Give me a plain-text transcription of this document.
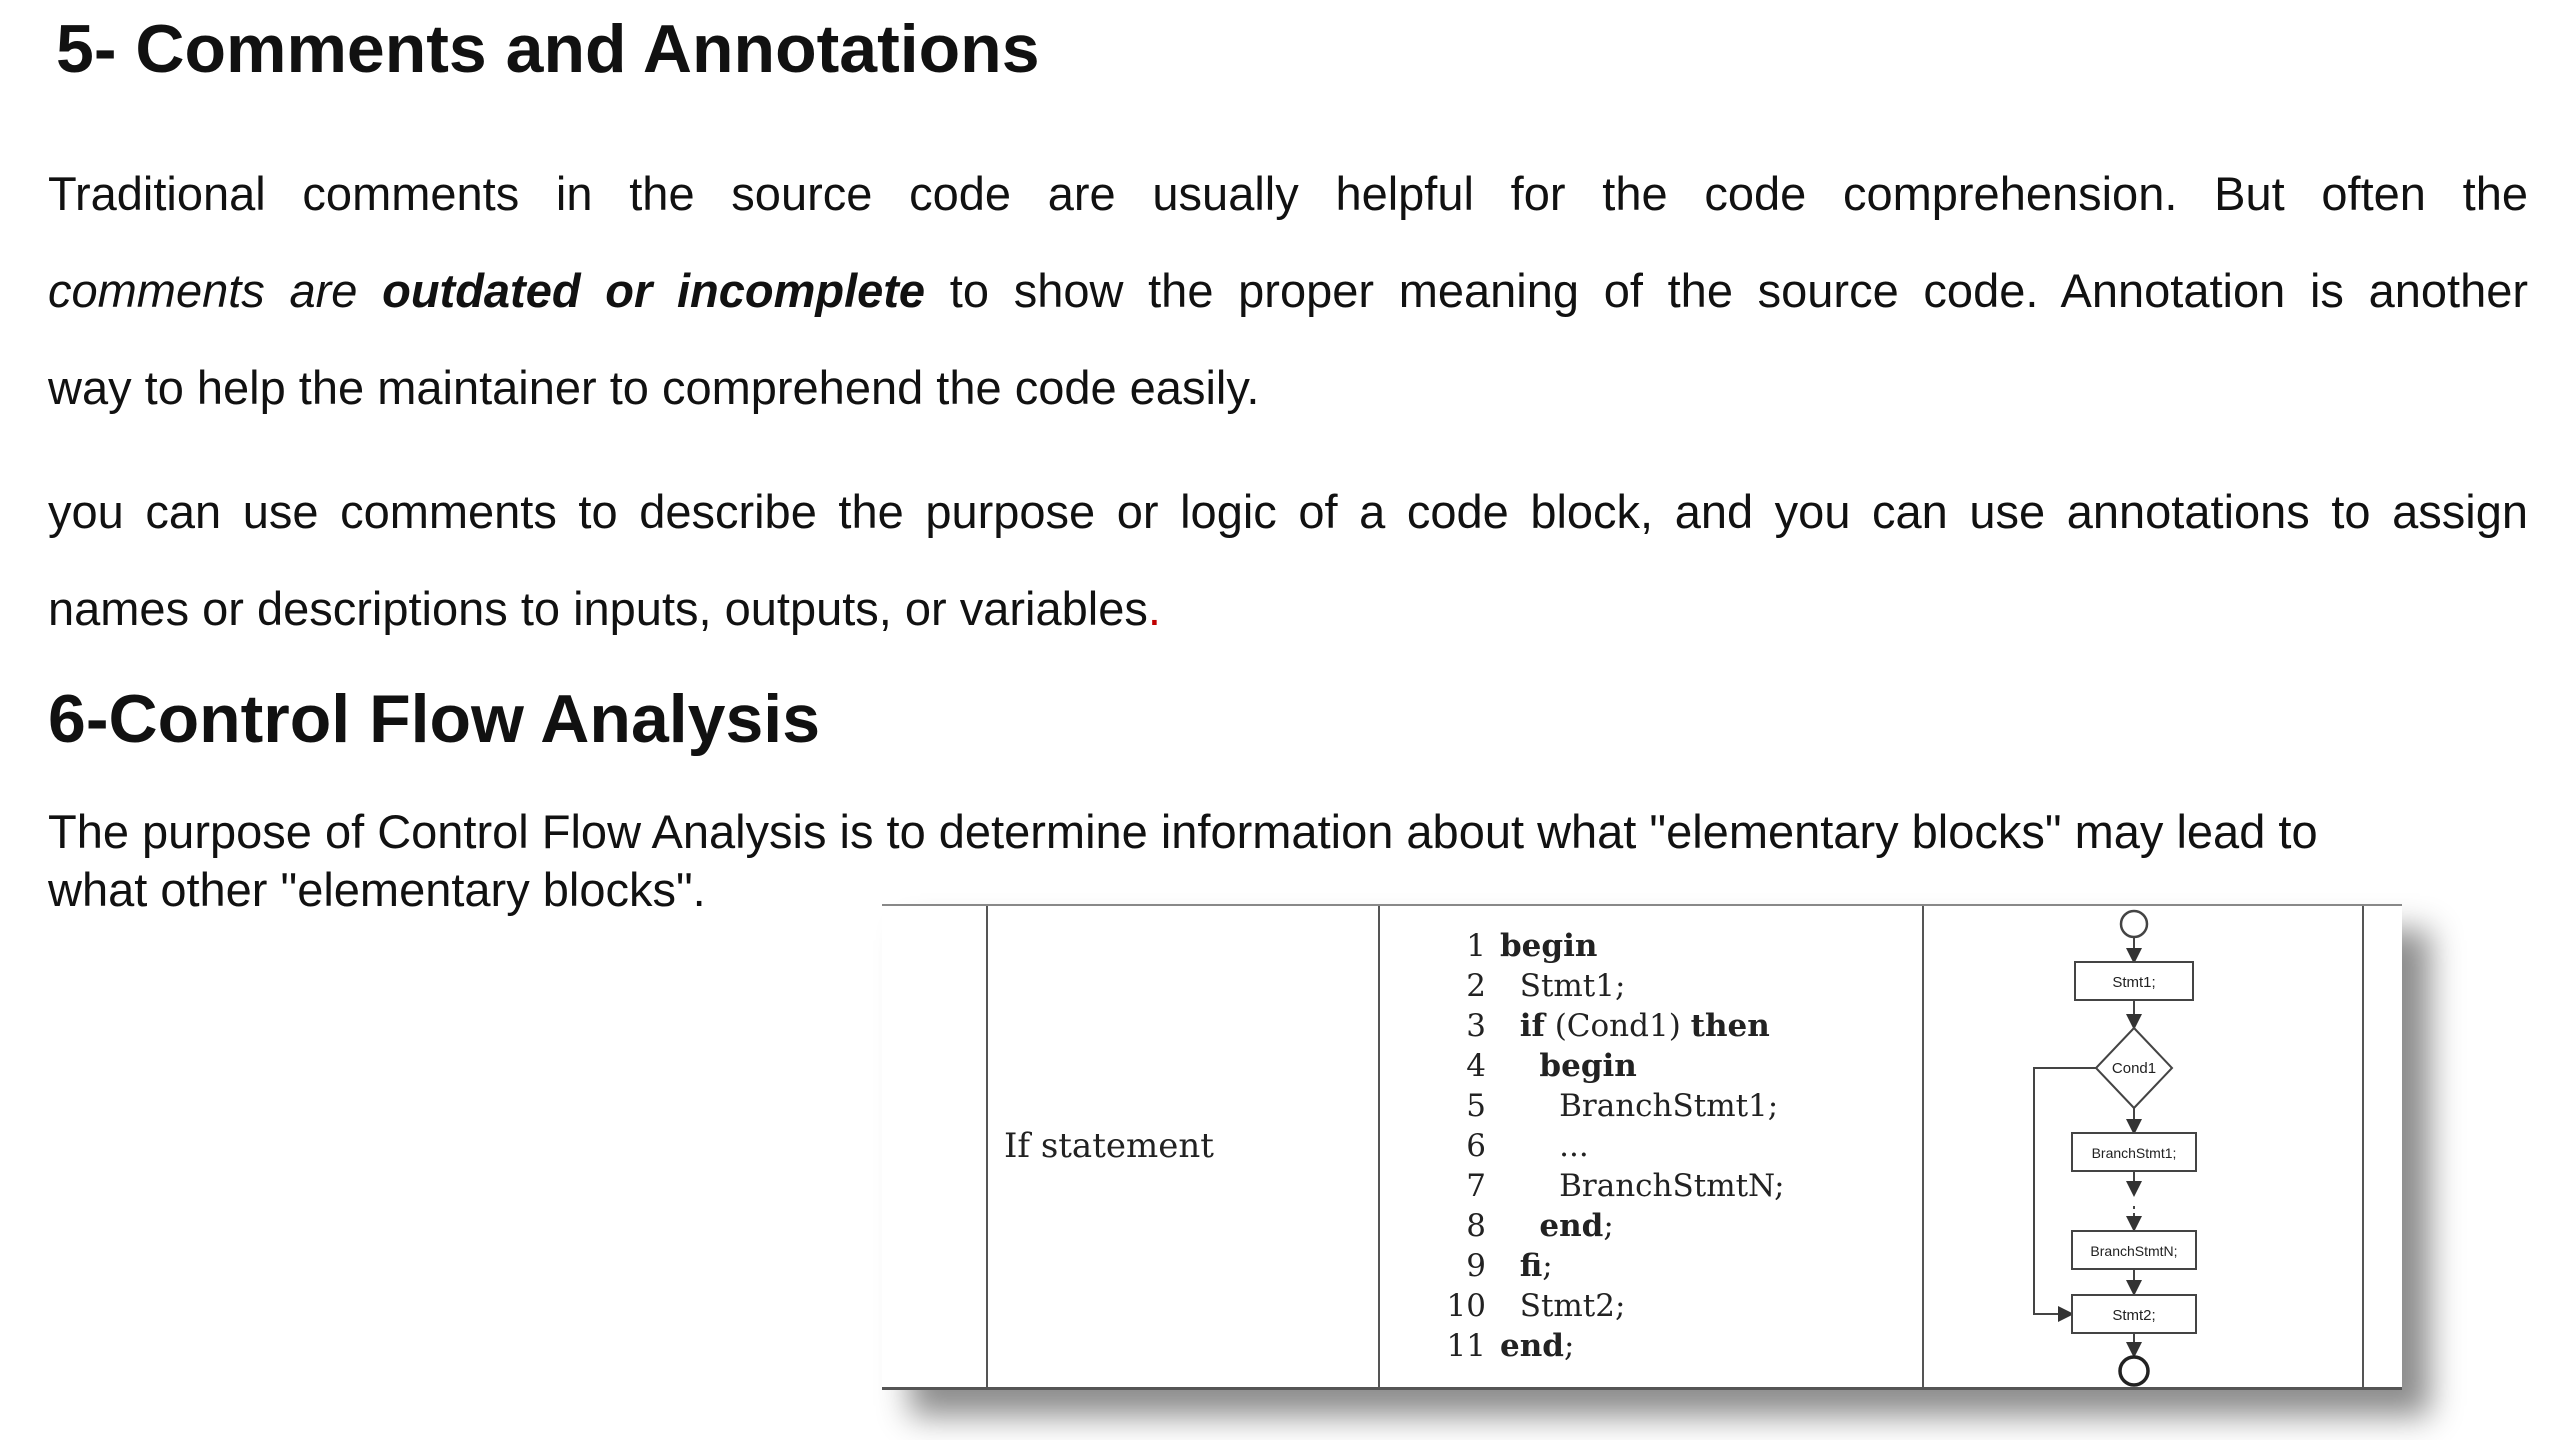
5- Comments and Annotations

Traditional comments in the source code are usually helpful for the code comprehension. But often the

comments are outdated or incomplete to show the proper meaning of the source code. Annotation is another

way to help the maintainer to comprehend the code easily.

you can use comments to describe the purpose or logic of a code block, and you can use annotations to assign

names or descriptions to inputs, outputs, or variables.

6-Control Flow Analysis

The purpose of Control Flow Analysis is to determine information about what "elementary blocks" may lead to

what other "elementary blocks".

If statement
1 begin
2 Stmt1;
3 if (Cond1) then
4 begin
5 BranchStmt1;
6 ...
7 BranchStmtN;
8 end;
9 fi;
10 Stmt2;
11 end;
Stmt1;
Cond1
BranchStmt1;
BranchStmtN;
Stmt2;
